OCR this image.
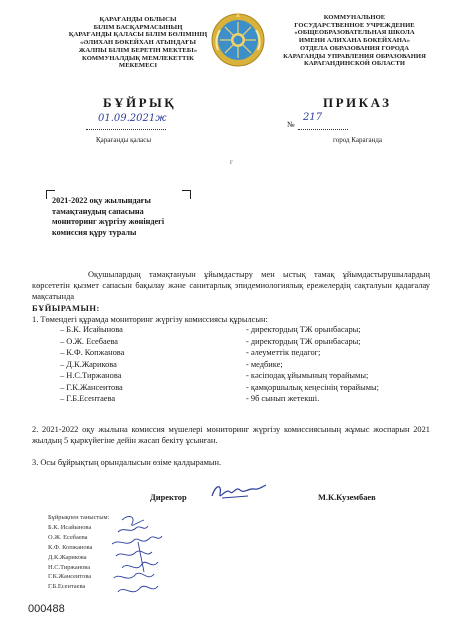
ҚАРАҒАНДЫ ОБЛЫСЫ
БІЛІМ БАСҚАРМАСЫНЫҢ
ҚАРАҒАНДЫ ҚАЛАСЫ БІЛІМ БӨЛІМІНІҢ
«ӘЛИХАН БӨКЕЙХАН АТЫНДАҒЫ
ЖАЛПЫ БІЛІМ БЕРЕТІН МЕКТЕБІ»
КОММУНАЛДЫҚ МЕМЛЕКЕТТІК
МЕКЕМЕСІ
КОММУНАЛЬНОЕ
ГОСУДАРСТВЕННОЕ УЧРЕЖДЕНИЕ
«ОБЩЕОБРАЗОВАТЕЛЬНАЯ ШКОЛА
ИМЕНИ АЛИХАНА БОКЕЙХАНА»
ОТДЕЛА ОБРАЗОВАНИЯ ГОРОДА
КАРАГАНДЫ УПРАВЛЕНИЯ ОБРАЗОВАНИЯ
КАРАГАНДИНСКОЙ ОБЛАСТИ
БҰЙРЫҚ	ПРИКАЗ
01.09.2021ж
№
217
Қарағанды қаласы	город Караганда
г
2021-2022 оқу жылындағы тамақтанудың сапасына мониторинг жүргізу жөніндегі комиссия құру туралы
Оқушылардың тамақтануын ұйымдастыру мен ыстық тамақ ұйымдастырушылардың көрсететін қызмет сапасын бақылау және санитарлық эпидемиологиялық ережелердің сақталуын қадағалау мақсатында
БҰЙЫРАМЫН:
1. Төмендегі құрамда мониторинг жүргізу комиссиясы құрылсын:
– Б.К. Исайынова	- директордың ТЖ орынбасары;
– О.Ж. Есебаева	- директордың ТЖ орынбасары;
– К.Ф. Копжанова	- әлеуметтік педагог;
– Д.К.Жарикова	- медбике;
– Н.С.Тиржанова	- кәсіподақ ұйымының төрайымы;
– Г.К.Жансеитова	- қамқоршылық кеңесінің төрайымы;
– Г.Б.Есентаева	- 9б сынып жетекші.
2. 2021-2022 оқу жылына комиссия мүшелері мониторинг жүргізу комиссиясының жұмыс жоспарын 2021 жылдың 5 қыркүйегіне дейін жасап бекіту ұсынған.
3. Осы бұйрықтың орындалысын өзіме қалдырамын.
Директор	М.К.Кузембаев
Бұйрықпен таныстым:
Б.К. Исайынова
О.Ж. Есебаева
К.Ф. Копжанова
Д.К.Жарикова
Н.С.Тиржанова
Г.К.Жансеитова
Г.Б.Есентаева
000488
